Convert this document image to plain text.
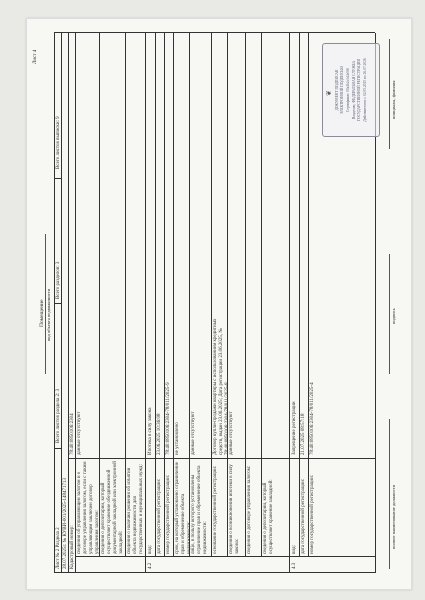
Лист 4
Помещение вид объекта недвижимости
Лист № 2 Раздела 2
Всего листов раздела 2: 3
Всего разделов: 3
Всего листов выписки: 9
28.07.2025г. № КУВИ-001/2025-148471713 Кадастровый номер:
78:40:0850106:2304
сведения об управляющем залогом и о договоре управления залогом, если с таким управляющим заключен договор управления залогом:
данные отсутствуют
сведения о депозитарии, который осуществляет хранение обездвиженной документарной закладной или электронной закладной: сведения о наличии решения об изъятии объекта недвижимости для государственных и муниципальных нужд:
4.2
вид:
Ипотека в силу закона
дата государственной регистрации:
23.06.2025 10:36:08
номер государственной регистрации:
78:40:0850106:2304-78/011/2025-9
срок, на который установлено ограничение прав и обременение объекта недвижимости:
не установлено
лицо, в пользу которого установлены ограничение прав и обременение объекта недвижимости:
данные отсутствуют
основание государственной регистрации:
Договор купли-продажи квартиры с использованием кредитных средств, выдан 23.06.2025; Дата регистрации 23.06.2025, № 78:40:0850106:2304-78/011/2025-8
сведения о возникновении ипотеки в силу закона:
данные отсутствуют
сведения о договоре управления залогом: сведения о депозитарии, который осуществляет хранение закладной:
4.3
вид:
Запрещение регистрации
дата государственной регистрации:
21.07.2025 08:57:18
номер государственной регистрации:
78:40:0850106:2304-78/011/2025-4
полное наименование должности
подпись
инициалы, фамилия
❦ ДОКУМЕНТ ПОДПИСАН ЭЛЕКТРОННОЙ ПОДПИСЬЮ Сертификат: 00a1b2c3d4e5f6 Владелец: ФЕДЕРАЛЬНАЯ СЛУЖБА ГОСУДАРСТВЕННОЙ РЕГИСТРАЦИИ Действителен: с 02.05.2025 по 26.07.2026
